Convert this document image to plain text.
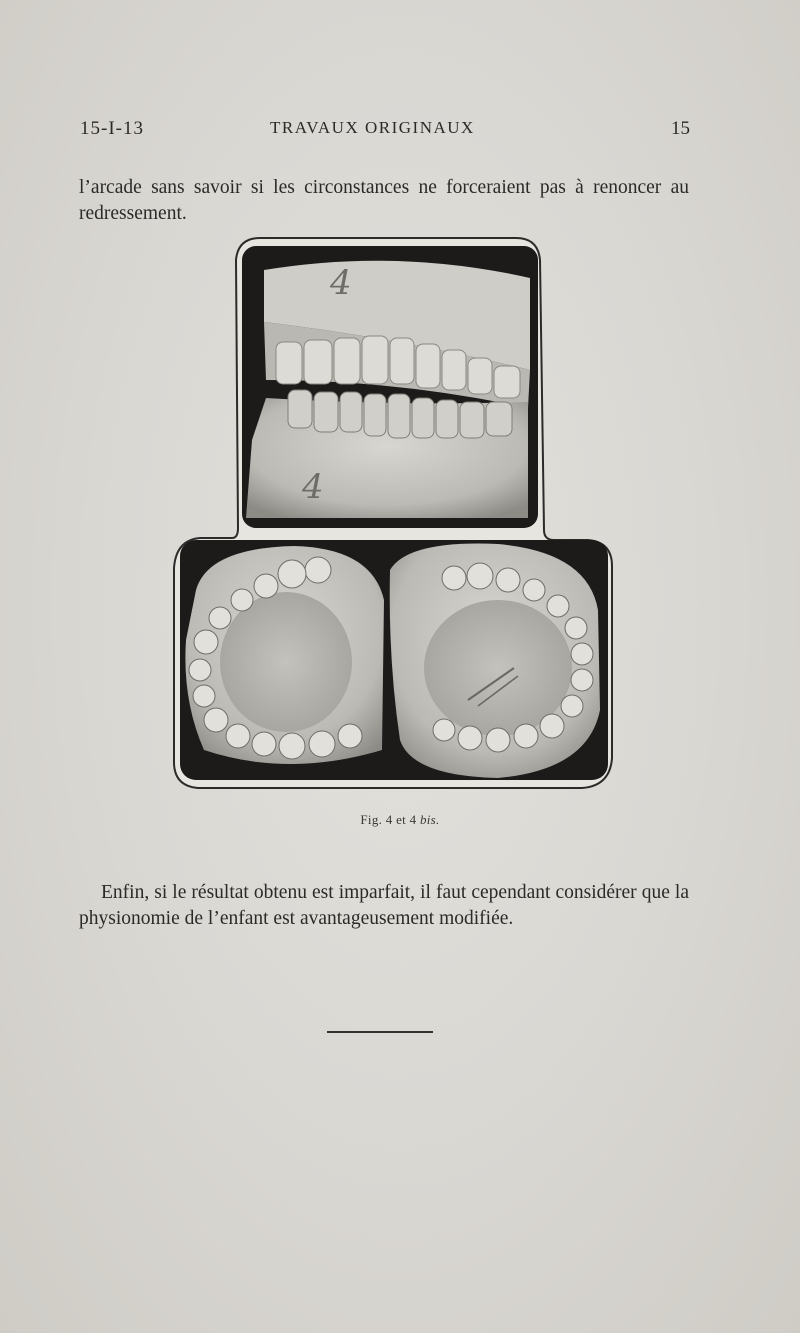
15-I-13	TRAVAUX ORIGINAUX	15

l’arcade sans savoir si les circonstances ne forceraient pas à renoncer au redressement.

4
4
Fig. 4 et 4 bis.

Enfin, si le résultat obtenu est imparfait, il faut cependant considérer que la physionomie de l’enfant est avantageusement modifiée.
